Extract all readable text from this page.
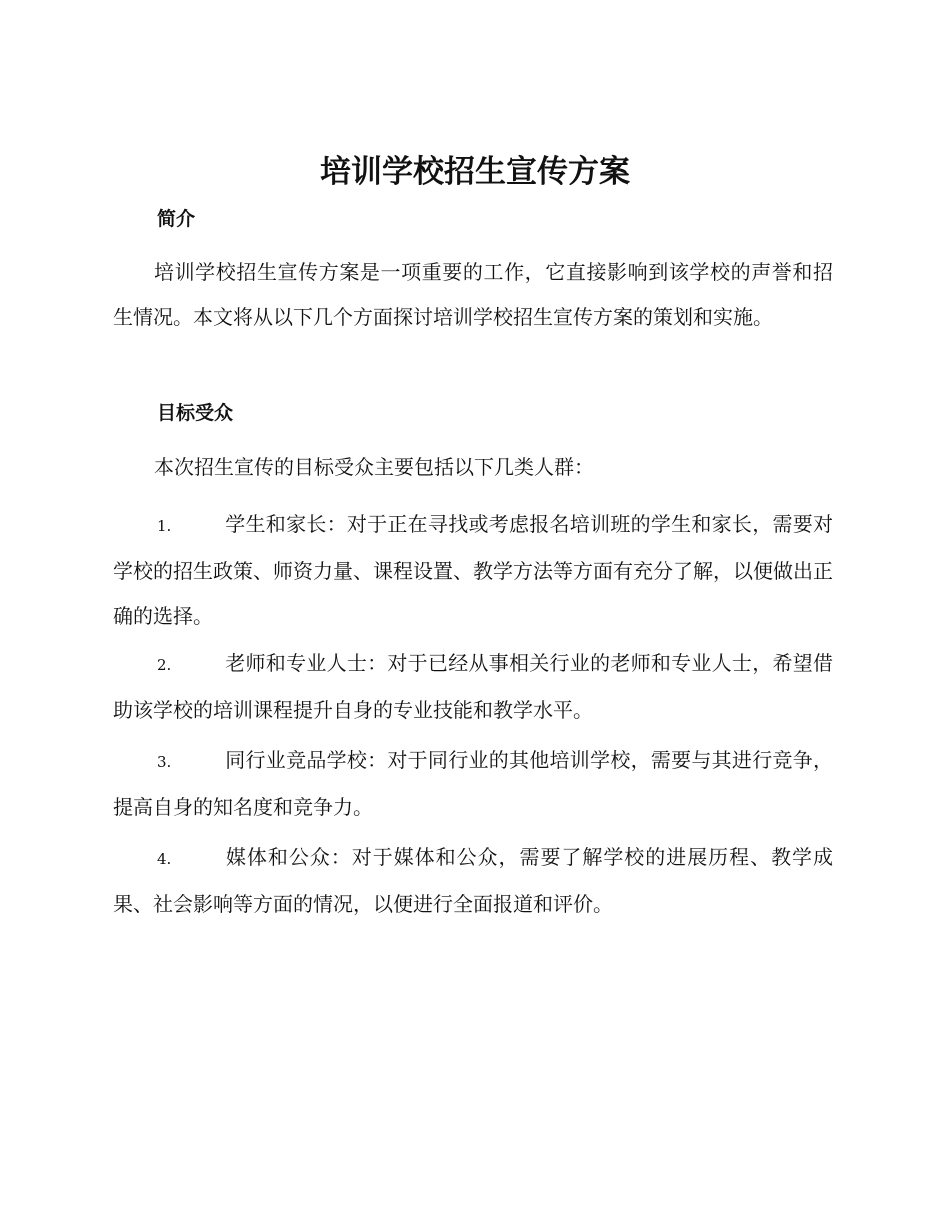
培训学校招生宣传方案
简介

培训学校招生宣传方案是一项重要的工作，它直接影响到该学校的声誉和招生情况。本文将从以下几个方面探讨培训学校招生宣传方案的策划和实施。

目标受众

本次招生宣传的目标受众主要包括以下几类人群：

1.	学生和家长：对于正在寻找或考虑报名培训班的学生和家长，需要对学校的招生政策、师资力量、课程设置、教学方法等方面有充分了解，以便做出正确的选择。

2.	老师和专业人士：对于已经从事相关行业的老师和专业人士，希望借助该学校的培训课程提升自身的专业技能和教学水平。

3.	同行业竞品学校：对于同行业的其他培训学校，需要与其进行竞争，提高自身的知名度和竞争力。

4.	媒体和公众：对于媒体和公众，需要了解学校的进展历程、教学成果、社会影响等方面的情况，以便进行全面报道和评价。
